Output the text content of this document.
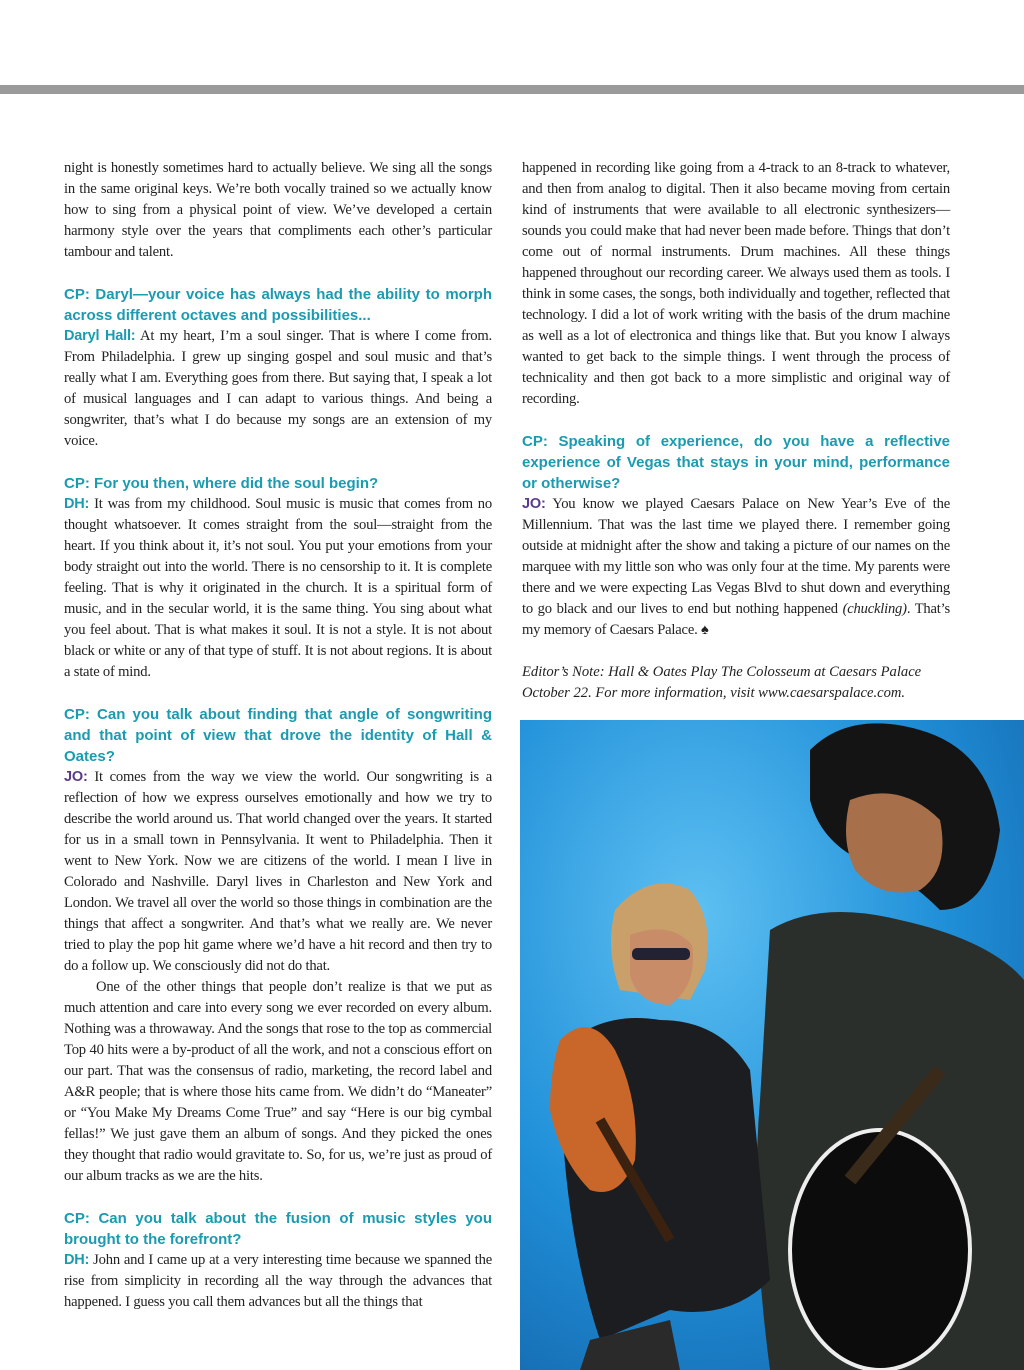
night is honestly sometimes hard to actually believe. We sing all the songs in the same original keys. We’re both vocally trained so we actually know how to sing from a physical point of view. We’ve developed a certain harmony style over the years that compliments each other’s particular tambour and talent.

CP: Daryl—your voice has always had the ability to morph across different octaves and possibilities...

Daryl Hall: At my heart, I’m a soul singer. That is where I come from. From Philadelphia. I grew up singing gospel and soul music and that’s really what I am. Everything goes from there. But saying that, I speak a lot of musical languages and I can adapt to various things. And being a songwriter, that’s what I do because my songs are an extension of my voice.

CP: For you then, where did the soul begin?

DH: It was from my childhood. Soul music is music that comes from no thought whatsoever. It comes straight from the soul—straight from the heart. If you think about it, it’s not soul. You put your emotions from your body straight out into the world. There is no censorship to it. It is complete feeling. That is why it originated in the church. It is a spiritual form of music, and in the secular world, it is the same thing. You sing about what you feel about. That is what makes it soul. It is not a style. It is not about black or white or any of that type of stuff. It is not about regions. It is about a state of mind.

CP: Can you talk about finding that angle of songwriting and that point of view that drove the identity of Hall & Oates?

JO: It comes from the way we view the world. Our songwriting is a reflection of how we express ourselves emotionally and how we try to describe the world around us. That world changed over the years. It started for us in a small town in Pennsylvania. It went to Philadelphia. Then it went to New York. Now we are citizens of the world. I mean I live in Colorado and Nashville. Daryl lives in Charleston and New York and London. We travel all over the world so those things in combination are the things that affect a songwriter. And that’s what we really are. We never tried to play the pop hit game where we’d have a hit record and then try to do a follow up. We consciously did not do that.

One of the other things that people don’t realize is that we put as much attention and care into every song we ever recorded on every album. Nothing was a throwaway. And the songs that rose to the top as commercial Top 40 hits were a by-product of all the work, and not a conscious effort on our part. That was the consensus of radio, marketing, the record label and A&R people; that is where those hits came from. We didn’t do “Maneater” or “You Make My Dreams Come True” and say “Here is our big cymbal fellas!” We just gave them an album of songs. And they picked the ones they thought that radio would gravitate to. So, for us, we’re just as proud of our album tracks as we are the hits.

CP: Can you talk about the fusion of music styles you brought to the forefront?

DH: John and I came up at a very interesting time because we spanned the rise from simplicity in recording all the way through the advances that happened. I guess you call them advances but all the things that

happened in recording like going from a 4-track to an 8-track to whatever, and then from analog to digital. Then it also became moving from certain kind of instruments that were available to all electronic synthesizers—sounds you could make that had never been made before. Things that don’t come out of normal instruments. Drum machines. All these things happened throughout our recording career. We always used them as tools. I think in some cases, the songs, both individually and together, reflected that technology. I did a lot of work writing with the basis of the drum machine as well as a lot of electronica and things like that. But you know I always wanted to get back to the simple things. I went through the process of technicality and then got back to a more simplistic and original way of recording.

CP: Speaking of experience, do you have a reflective experience of Vegas that stays in your mind, performance or otherwise?

JO: You know we played Caesars Palace on New Year’s Eve of the Millennium. That was the last time we played there. I remember going outside at midnight after the show and taking a picture of our names on the marquee with my little son who was only four at the time. My parents were there and we were expecting Las Vegas Blvd to shut down and everything to go black and our lives to end but nothing happened (chuckling). That’s my memory of Caesars Palace. ♠

Editor’s Note: Hall & Oates Play The Colosseum at Caesars Palace October 22. For more information, visit www.caesarspalace.com.
